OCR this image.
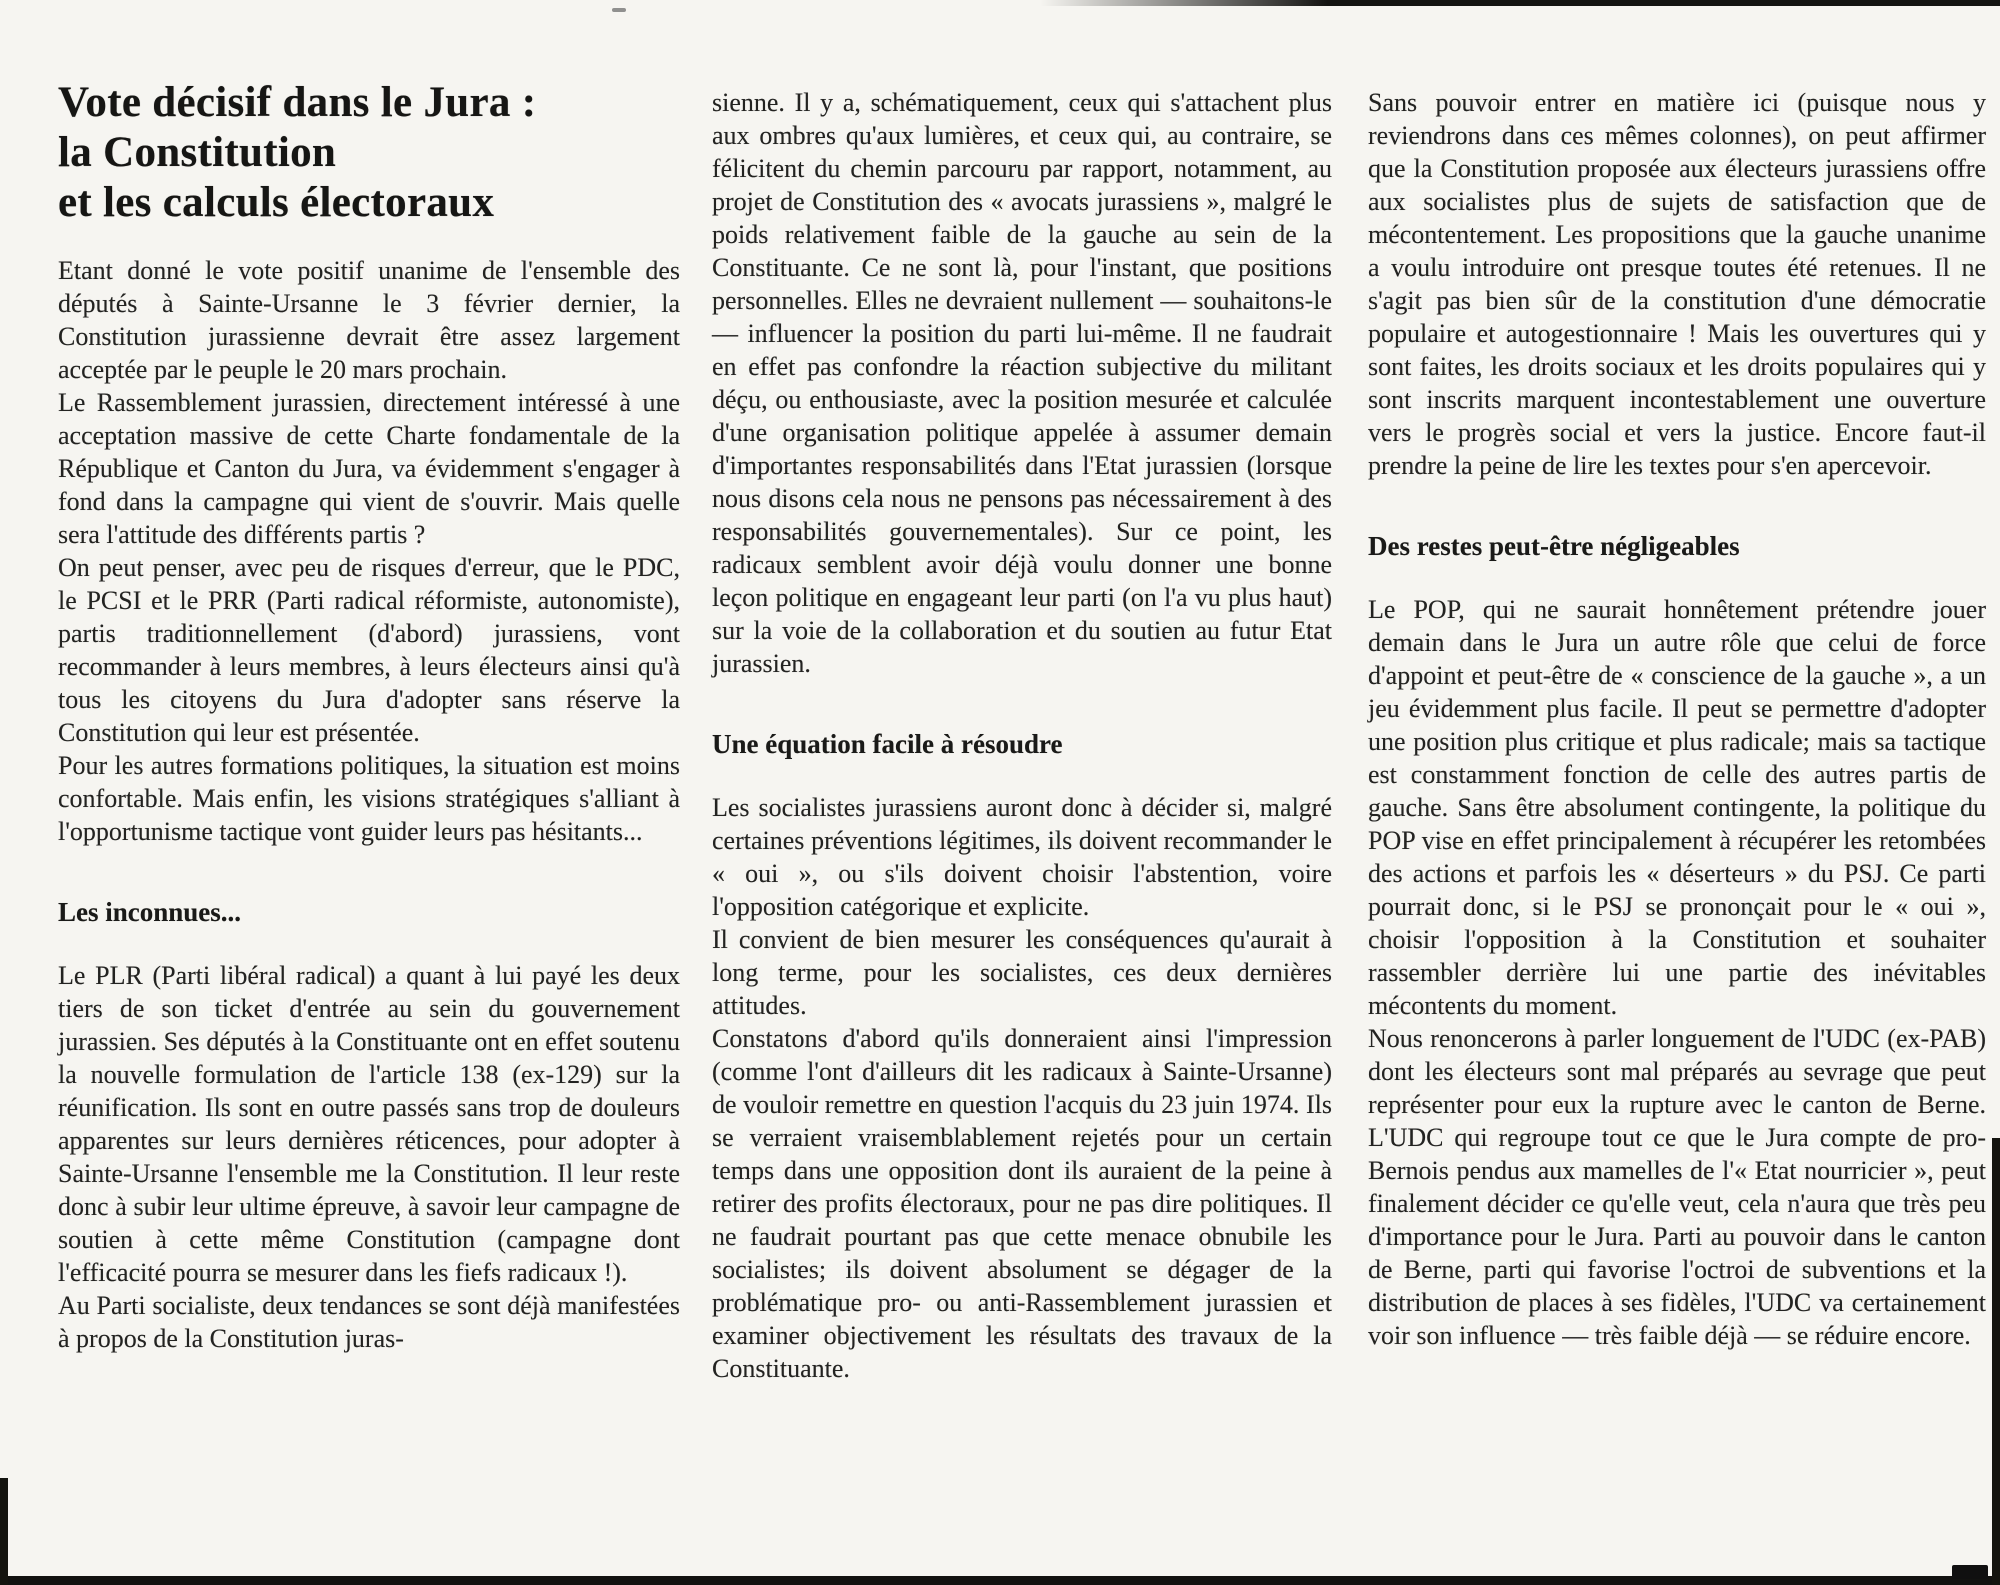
Vote décisif dans le Jura :
la Constitution
et les calculs électoraux

Etant donné le vote positif unanime de l'ensemble des députés à Sainte-Ursanne le 3 février dernier, la Constitution jurassienne devrait être assez largement acceptée par le peuple le 20 mars prochain.

Le Rassemblement jurassien, directement intéressé à une acceptation massive de cette Charte fondamentale de la République et Canton du Jura, va évidemment s'engager à fond dans la campagne qui vient de s'ouvrir. Mais quelle sera l'attitude des différents partis ?

On peut penser, avec peu de risques d'erreur, que le PDC, le PCSI et le PRR (Parti radical réformiste, autonomiste), partis traditionnellement (d'abord) jurassiens, vont recommander à leurs membres, à leurs électeurs ainsi qu'à tous les citoyens du Jura d'adopter sans réserve la Constitution qui leur est présentée.

Pour les autres formations politiques, la situation est moins confortable. Mais enfin, les visions stratégiques s'alliant à l'opportunisme tactique vont guider leurs pas hésitants...

Les inconnues...

Le PLR (Parti libéral radical) a quant à lui payé les deux tiers de son ticket d'entrée au sein du gouvernement jurassien. Ses députés à la Constituante ont en effet soutenu la nouvelle formulation de l'article 138 (ex-129) sur la réunification. Ils sont en outre passés sans trop de douleurs apparentes sur leurs dernières réticences, pour adopter à Sainte-Ursanne l'ensemble me la Constitution. Il leur reste donc à subir leur ultime épreuve, à savoir leur campagne de soutien à cette même Constitution (campagne dont l'efficacité pourra se mesurer dans les fiefs radicaux !).

Au Parti socialiste, deux tendances se sont déjà manifestées à propos de la Constitution juras-

sienne. Il y a, schématiquement, ceux qui s'attachent plus aux ombres qu'aux lumières, et ceux qui, au contraire, se félicitent du chemin parcouru par rapport, notamment, au projet de Constitution des « avocats jurassiens », malgré le poids relativement faible de la gauche au sein de la Constituante. Ce ne sont là, pour l'instant, que positions personnelles. Elles ne devraient nullement — souhaitons-le — influencer la position du parti lui-même. Il ne faudrait en effet pas confondre la réaction subjective du militant déçu, ou enthousiaste, avec la position mesurée et calculée d'une organisation politique appelée à assumer demain d'importantes responsabilités dans l'Etat jurassien (lorsque nous disons cela nous ne pensons pas nécessairement à des responsabilités gouvernementales). Sur ce point, les radicaux semblent avoir déjà voulu donner une bonne leçon politique en engageant leur parti (on l'a vu plus haut) sur la voie de la collaboration et du soutien au futur Etat jurassien.

Une équation facile à résoudre

Les socialistes jurassiens auront donc à décider si, malgré certaines préventions légitimes, ils doivent recommander le « oui », ou s'ils doivent choisir l'abstention, voire l'opposition catégorique et explicite.

Il convient de bien mesurer les conséquences qu'aurait à long terme, pour les socialistes, ces deux dernières attitudes.

Constatons d'abord qu'ils donneraient ainsi l'impression (comme l'ont d'ailleurs dit les radicaux à Sainte-Ursanne) de vouloir remettre en question l'acquis du 23 juin 1974. Ils se verraient vraisemblablement rejetés pour un certain temps dans une opposition dont ils auraient de la peine à retirer des profits électoraux, pour ne pas dire politiques. Il ne faudrait pourtant pas que cette menace obnubile les socialistes; ils doivent absolument se dégager de la problématique pro- ou anti-Rassemblement jurassien et examiner objectivement les résultats des travaux de la Constituante.

Sans pouvoir entrer en matière ici (puisque nous y reviendrons dans ces mêmes colonnes), on peut affirmer que la Constitution proposée aux électeurs jurassiens offre aux socialistes plus de sujets de satisfaction que de mécontentement. Les propositions que la gauche unanime a voulu introduire ont presque toutes été retenues. Il ne s'agit pas bien sûr de la constitution d'une démocratie populaire et autogestionnaire ! Mais les ouvertures qui y sont faites, les droits sociaux et les droits populaires qui y sont inscrits marquent incontestablement une ouverture vers le progrès social et vers la justice. Encore faut-il prendre la peine de lire les textes pour s'en apercevoir.

Des restes peut-être négligeables

Le POP, qui ne saurait honnêtement prétendre jouer demain dans le Jura un autre rôle que celui de force d'appoint et peut-être de « conscience de la gauche », a un jeu évidemment plus facile. Il peut se permettre d'adopter une position plus critique et plus radicale; mais sa tactique est constamment fonction de celle des autres partis de gauche. Sans être absolument contingente, la politique du POP vise en effet principalement à récupérer les retombées des actions et parfois les « déserteurs » du PSJ. Ce parti pourrait donc, si le PSJ se prononçait pour le « oui », choisir l'opposition à la Constitution et souhaiter rassembler derrière lui une partie des inévitables mécontents du moment.

Nous renoncerons à parler longuement de l'UDC (ex-PAB) dont les électeurs sont mal préparés au sevrage que peut représenter pour eux la rupture avec le canton de Berne. L'UDC qui regroupe tout ce que le Jura compte de pro-Bernois pendus aux mamelles de l'« Etat nourricier », peut finalement décider ce qu'elle veut, cela n'aura que très peu d'importance pour le Jura. Parti au pouvoir dans le canton de Berne, parti qui favorise l'octroi de subventions et la distribution de places à ses fidèles, l'UDC va certainement voir son influence — très faible déjà — se réduire encore.
